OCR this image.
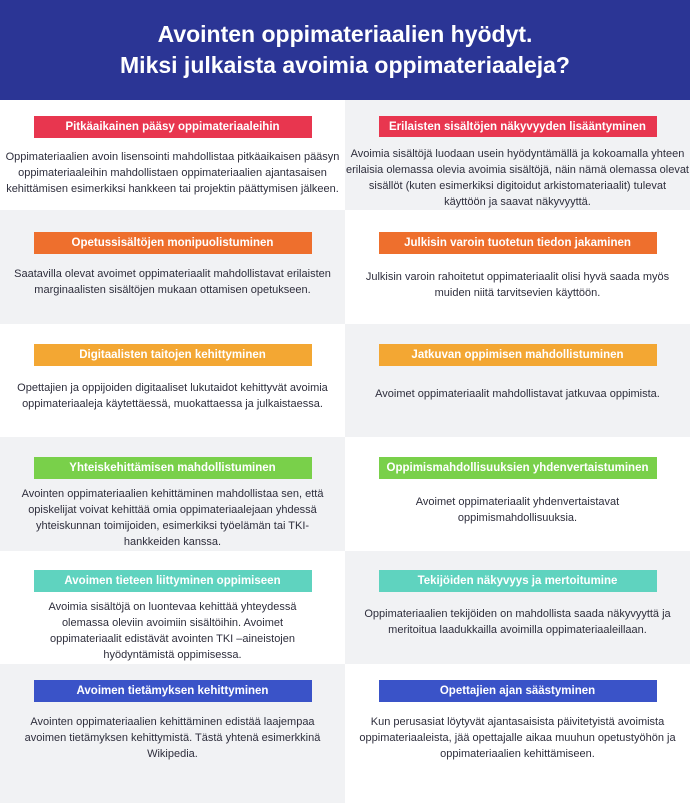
Avointen oppimateriaalien hyödyt.
Miksi julkaista avoimia oppimateriaaleja?
Pitkäaikainen pääsy oppimateriaaleihin
Oppimateriaalien avoin lisensointi mahdollistaa pitkäaikaisen pääsyn
oppimateriaaleihin mahdollistaen oppimateriaalien ajantasaisen
kehittämisen esimerkiksi hankkeen tai projektin päättymisen jälkeen.
Erilaisten sisältöjen näkyvyyden lisääntyminen
Avoimia sisältöjä luodaan usein hyödyntämällä ja kokoamalla yhteen
erilaisia olemassa olevia avoimia sisältöjä, näin nämä olemassa olevat
sisällöt (kuten esimerkiksi digitoidut arkistomateriaalit) tulevat
käyttöön ja saavat näkyvyyttä.
Opetussisältöjen monipuolistuminen
Saatavilla olevat avoimet oppimateriaalit mahdollistavat erilaisten
marginaalisten sisältöjen mukaan ottamisen opetukseen.
Julkisin varoin tuotetun tiedon jakaminen
Julkisin varoin rahoitetut oppimateriaalit olisi hyvä saada myös
muiden niitä tarvitsevien käyttöön.
Digitaalisten taitojen kehittyminen
Opettajien ja oppijoiden digitaaliset lukutaidot kehittyvät avoimia
oppimateriaaleja käytettäessä, muokattaessa ja julkaistaessa.
Jatkuvan oppimisen mahdollistuminen
Avoimet oppimateriaalit mahdollistavat jatkuvaa oppimista.
Yhteiskehittämisen mahdollistuminen
Avointen oppimateriaalien kehittäminen mahdollistaa sen, että
opiskelijat voivat kehittää omia oppimateriaalejaan yhdessä
yhteiskunnan toimijoiden, esimerkiksi työelämän tai TKI-
hankkeiden kanssa.
Oppimismahdollisuuksien yhdenvertaistuminen
Avoimet oppimateriaalit yhdenvertaistavat
oppimismahdollisuuksia.
Avoimen tieteen liittyminen oppimiseen
Avoimia sisältöjä on luontevaa kehittää yhteydessä
olemassa oleviin avoimiin sisältöihin. Avoimet
oppimateriaalit edistävät avointen TKI –aineistojen
hyödyntämistä oppimisessa.
Tekijöiden näkyvyys ja mertoitumine
Oppimateriaalien tekijöiden on mahdollista saada näkyvyyttä ja
meritoitua laadukkailla avoimilla oppimateriaaleillaan.
Avoimen tietämyksen kehittyminen
Avointen oppimateriaalien kehittäminen edistää laajempaa
avoimen tietämyksen kehittymistä. Tästä yhtenä esimerkkinä
Wikipedia.
Opettajien ajan säästyminen
Kun perusasiat löytyvät ajantasaisista päivitetyistä avoimista
oppimateriaaleista, jää opettajalle aikaa muuhun opetustyöhön ja
oppimateriaalien kehittämiseen.
